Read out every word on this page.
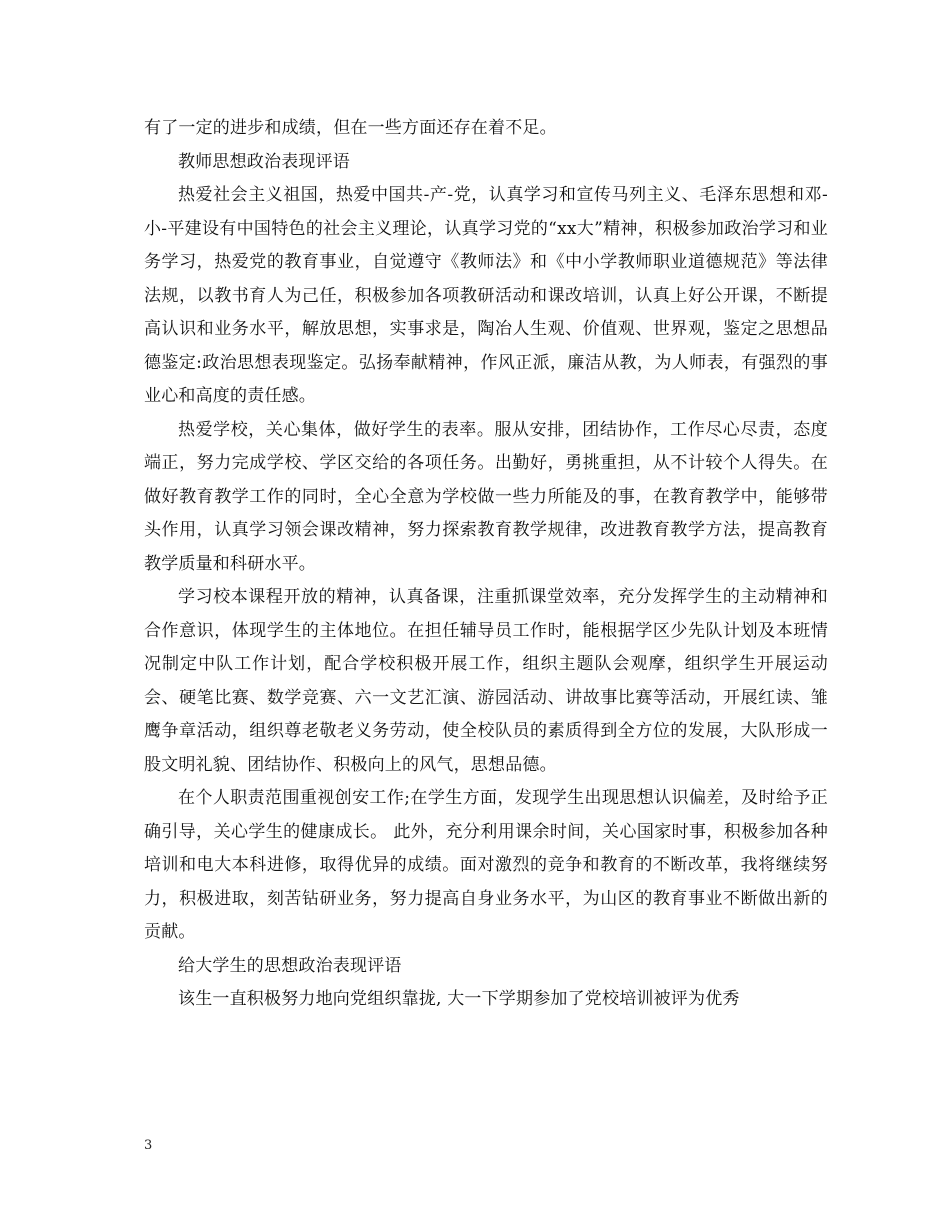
有了一定的进步和成绩，但在一些方面还存在着不足。

教师思想政治表现评语

热爱社会主义祖国，热爱中国共-产-党，认真学习和宣传马列主义、毛泽东思想和邓-小-平建设有中国特色的社会主义理论，认真学习党的“xx大”精神，积极参加政治学习和业务学习，热爱党的教育事业，自觉遵守《教师法》和《中小学教师职业道德规范》等法律法规，以教书育人为己任，积极参加各项教研活动和课改培训，认真上好公开课，不断提高认识和业务水平，解放思想，实事求是，陶冶人生观、价值观、世界观，鉴定之思想品德鉴定:政治思想表现鉴定。弘扬奉献精神，作风正派，廉洁从教，为人师表，有强烈的事业心和高度的责任感。

热爱学校，关心集体，做好学生的表率。服从安排，团结协作，工作尽心尽责，态度端正，努力完成学校、学区交给的各项任务。出勤好，勇挑重担，从不计较个人得失。在做好教育教学工作的同时，全心全意为学校做一些力所能及的事，在教育教学中，能够带头作用，认真学习领会课改精神，努力探索教育教学规律，改进教育教学方法，提高教育教学质量和科研水平。

学习校本课程开放的精神，认真备课，注重抓课堂效率，充分发挥学生的主动精神和合作意识，体现学生的主体地位。在担任辅导员工作时，能根据学区少先队计划及本班情况制定中队工作计划，配合学校积极开展工作，组织主题队会观摩，组织学生开展运动会、硬笔比赛、数学竞赛、六一文艺汇演、游园活动、讲故事比赛等活动，开展红读、雏鹰争章活动，组织尊老敬老义务劳动，使全校队员的素质得到全方位的发展，大队形成一股文明礼貌、团结协作、积极向上的风气，思想品德。

在个人职责范围重视创安工作;在学生方面，发现学生出现思想认识偏差，及时给予正确引导，关心学生的健康成长。 此外，充分利用课余时间，关心国家时事，积极参加各种培训和电大本科进修，取得优异的成绩。面对激烈的竞争和教育的不断改革，我将继续努力，积极进取，刻苦钻研业务，努力提高自身业务水平，为山区的教育事业不断做出新的贡献。

给大学生的思想政治表现评语

该生一直积极努力地向党组织靠拢, 大一下学期参加了党校培训被评为优秀

3
